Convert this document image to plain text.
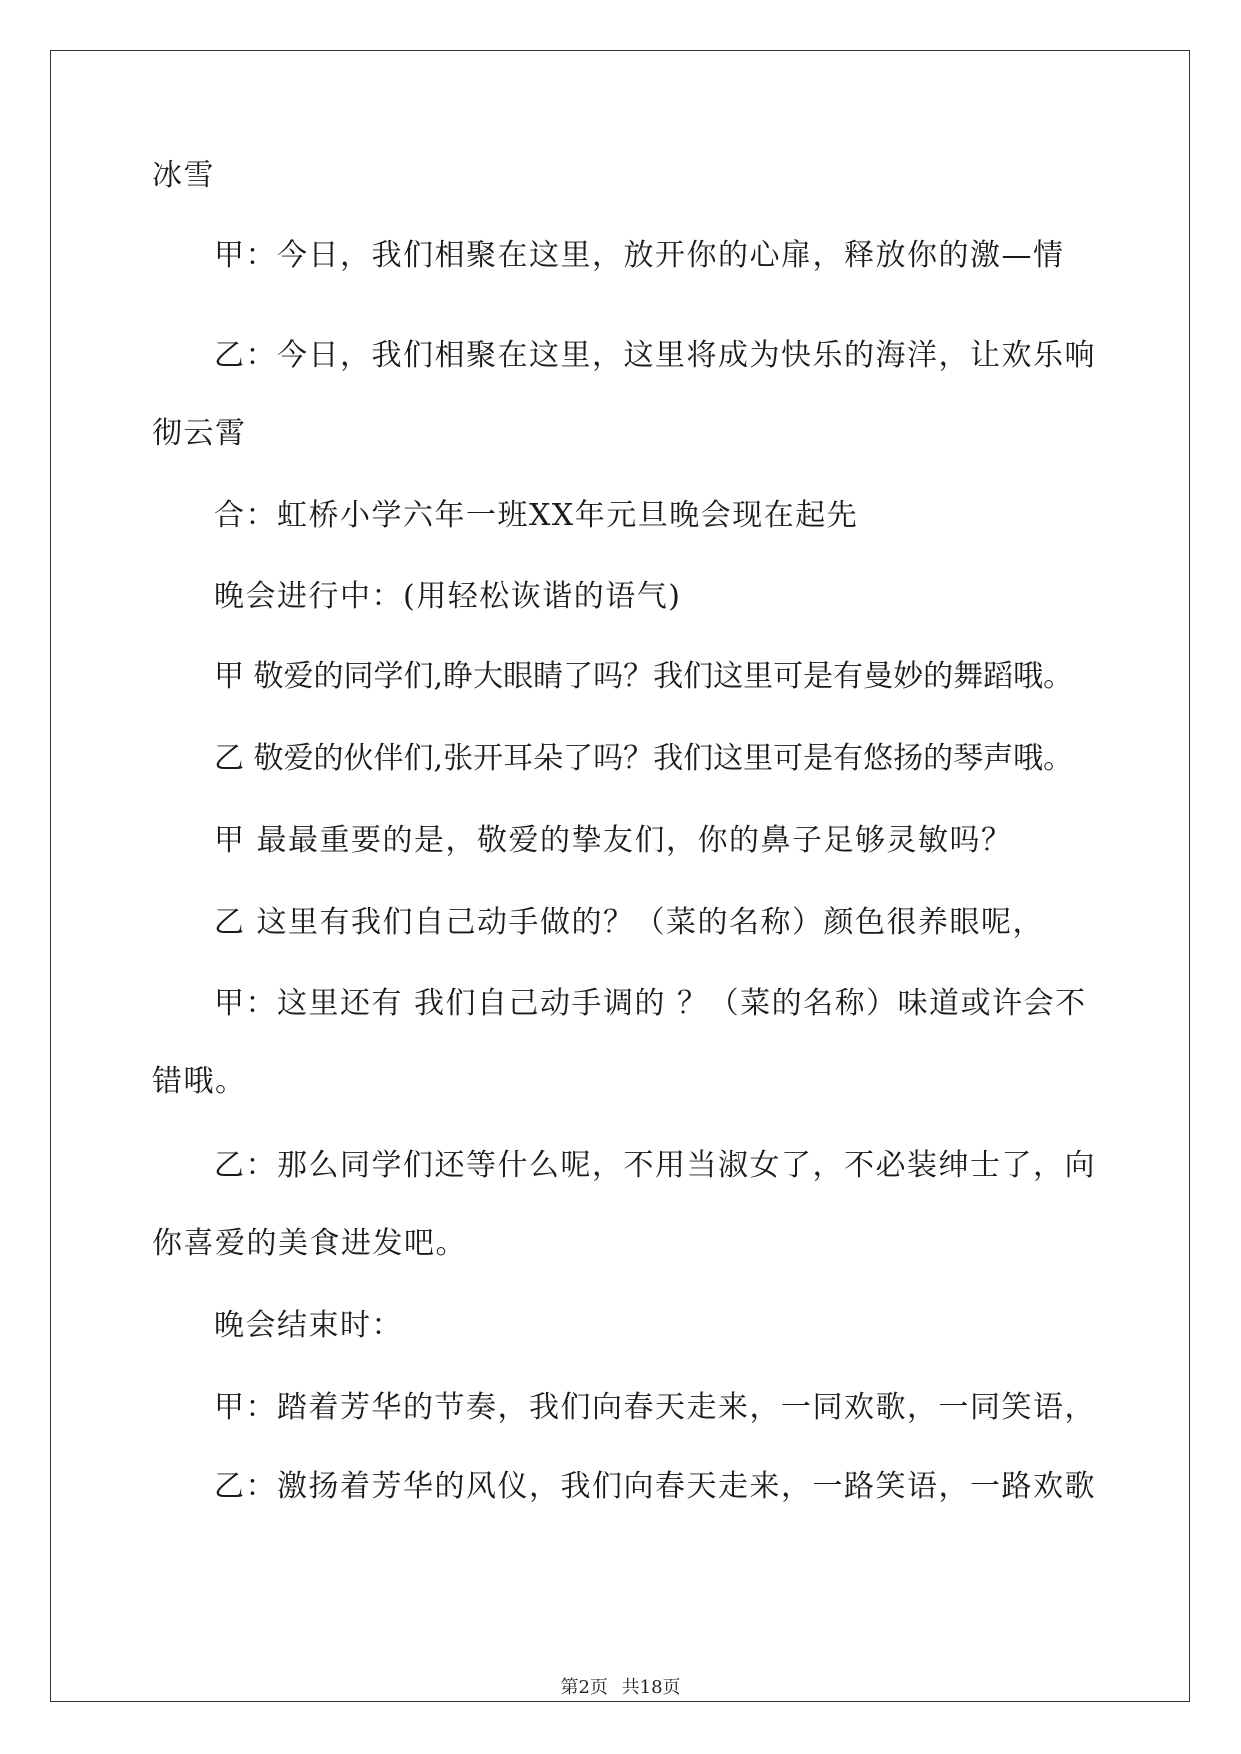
冰雪
甲：今日，我们相聚在这里，放开你的心扉，释放你的激—情
乙：今日，我们相聚在这里，这里将成为快乐的海洋，让欢乐响
彻云霄
合：虹桥小学六年一班XX年元旦晚会现在起先
晚会进行中：(用轻松诙谐的语气)
甲 敬爱的同学们,睁大眼睛了吗？我们这里可是有曼妙的舞蹈哦。
乙 敬爱的伙伴们,张开耳朵了吗？我们这里可是有悠扬的琴声哦。
甲 最最重要的是，敬爱的挚友们，你的鼻子足够灵敏吗？
乙 这里有我们自己动手做的？（菜的名称）颜色很养眼呢，
甲：这里还有 我们自己动手调的 ？（菜的名称）味道或许会不
错哦。
乙：那么同学们还等什么呢，不用当淑女了，不必装绅士了，向
你喜爱的美食进发吧。
晚会结束时：
甲：踏着芳华的节奏，我们向春天走来，一同欢歌，一同笑语，
乙：激扬着芳华的风仪，我们向春天走来，一路笑语，一路欢歌
第2页 共18页
